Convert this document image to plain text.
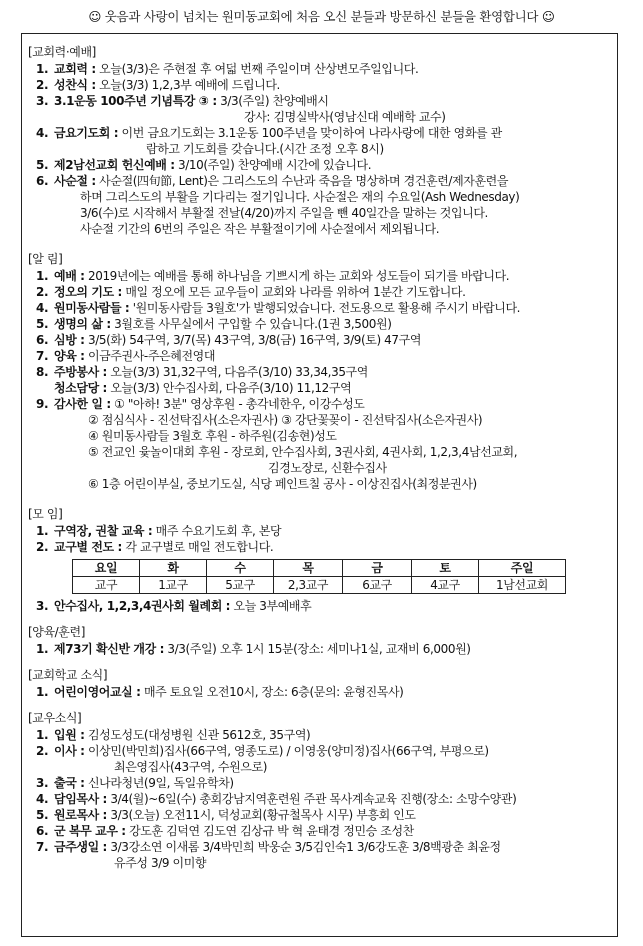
☺ 웃음과 사랑이 넘치는 원미동교회에 처음 오신 분들과 방문하신 분들을 환영합니다 ☺
[교회력·예배]
1. 교회력 : 오늘(3/3)은 주현절 후 여덟 번째 주일이며 산상변모주일입니다.
2. 성찬식 : 오늘(3/3) 1,2,3부 예배에 드립니다.
3. 3.1운동 100주년 기념특강 ③ : 3/3(주일) 찬양예배시
강사: 김명실박사(영남신대 예배학 교수)
4. 금요기도회 : 이번 금요기도회는 3.1운동 100주년을 맞이하여 나라사랑에 대한 영화를 관
람하고 기도회를 갖습니다.(시간 조정 오후 8시)
5. 제2남선교회 헌신예배 : 3/10(주일) 찬양예배 시간에 있습니다.
6. 사순절 : 사순절(四旬節, Lent)은 그리스도의 수난과 죽음을 명상하며 경건훈련/제자훈련을
하며 그리스도의 부활을 기다리는 절기입니다. 사순절은 재의 수요일(Ash Wednesday)
3/6(수)로 시작해서 부활절 전날(4/20)까지 주일을 뺀 40일간을 말하는 것입니다.
사순절 기간의 6번의 주일은 작은 부활절이기에 사순절에서 제외됩니다.
[알 림]
1. 예배 : 2019년에는 예배를 통해 하나님을 기쁘시게 하는 교회와 성도들이 되기를 바랍니다.
2. 정오의 기도 : 매일 정오에 모든 교우들이 교회와 나라를 위하여 1분간 기도합니다.
4. 원미동사람들 : '원미동사람들 3월호'가 발행되었습니다. 전도용으로 활용해 주시기 바랍니다.
5. 생명의 삶 : 3월호를 사무실에서 구입할 수 있습니다.(1권 3,500원)
6. 심방 : 3/5(화) 54구역, 3/7(목) 43구역, 3/8(금) 16구역, 3/9(토) 47구역
7. 양육 : 이금주권사-주은혜전영대
8. 주방봉사 : 오늘(3/3) 31,32구역, 다음주(3/10) 33,34,35구역
청소담당 : 오늘(3/3) 안수집사회, 다음주(3/10) 11,12구역
9. 감사한 일 : ① "아하! 3분" 영상후원 - 총각네한우, 이강수성도
② 점심식사 - 진선탁집사(소은자권사) ③ 강단꽃꽂이 - 진선탁집사(소은자권사)
④ 원미동사람들 3월호 후원 - 하주원(김송현)성도
⑤ 전교인 윷놀이대회 후원 - 장로회, 안수집사회, 3권사회, 4권사회, 1,2,3,4남선교회,
김경노장로, 신환수집사
⑥ 1층 어린이부실, 중보기도실, 식당 페인트칠 공사 - 이상진집사(최정분권사)
[모 임]
1. 구역장, 권찰 교육 : 매주 수요기도회 후, 본당
2. 교구별 전도 : 각 교구별로 매일 전도합니다.
요일	화	수	목	금	토	주일
교구	1교구	5교구	2,3교구	6교구	4교구	1남선교회
3. 안수집사, 1,2,3,4권사회 월례회 : 오늘 3부예배후
[양육/훈련]
1. 제73기 확신반 개강 : 3/3(주일) 오후 1시 15분(장소: 세미나1실, 교재비 6,000원)
[교회학교 소식]
1. 어린이영어교실 : 매주 토요일 오전10시, 장소: 6층(문의: 윤형진목사)
[교우소식]
1. 입원 : 김성도성도(대성병원 신관 5612호, 35구역)
2. 이사 : 이상민(박민희)집사(66구역, 영종도로) / 이영웅(양미정)집사(66구역, 부평으로)
최은영집사(43구역, 수원으로)
3. 출국 : 신나라청년(9일, 독일유학차)
4. 담임목사 : 3/4(월)~6일(수) 총회강남지역훈련원 주관 목사계속교육 진행(장소: 소망수양관)
5. 원로목사 : 3/3(오늘) 오전11시, 덕성교회(황규철목사 시무) 부흥회 인도
6. 군 복무 교우 : 강도훈 김덕연 김도연 김상규 박 혁 윤태경 정민승 조성찬
7. 금주생일 : 3/3강소연 이새롬 3/4박민희 박웅순 3/5김인숙1 3/6강도훈 3/8백광춘 최윤정
유주성 3/9 이미향
